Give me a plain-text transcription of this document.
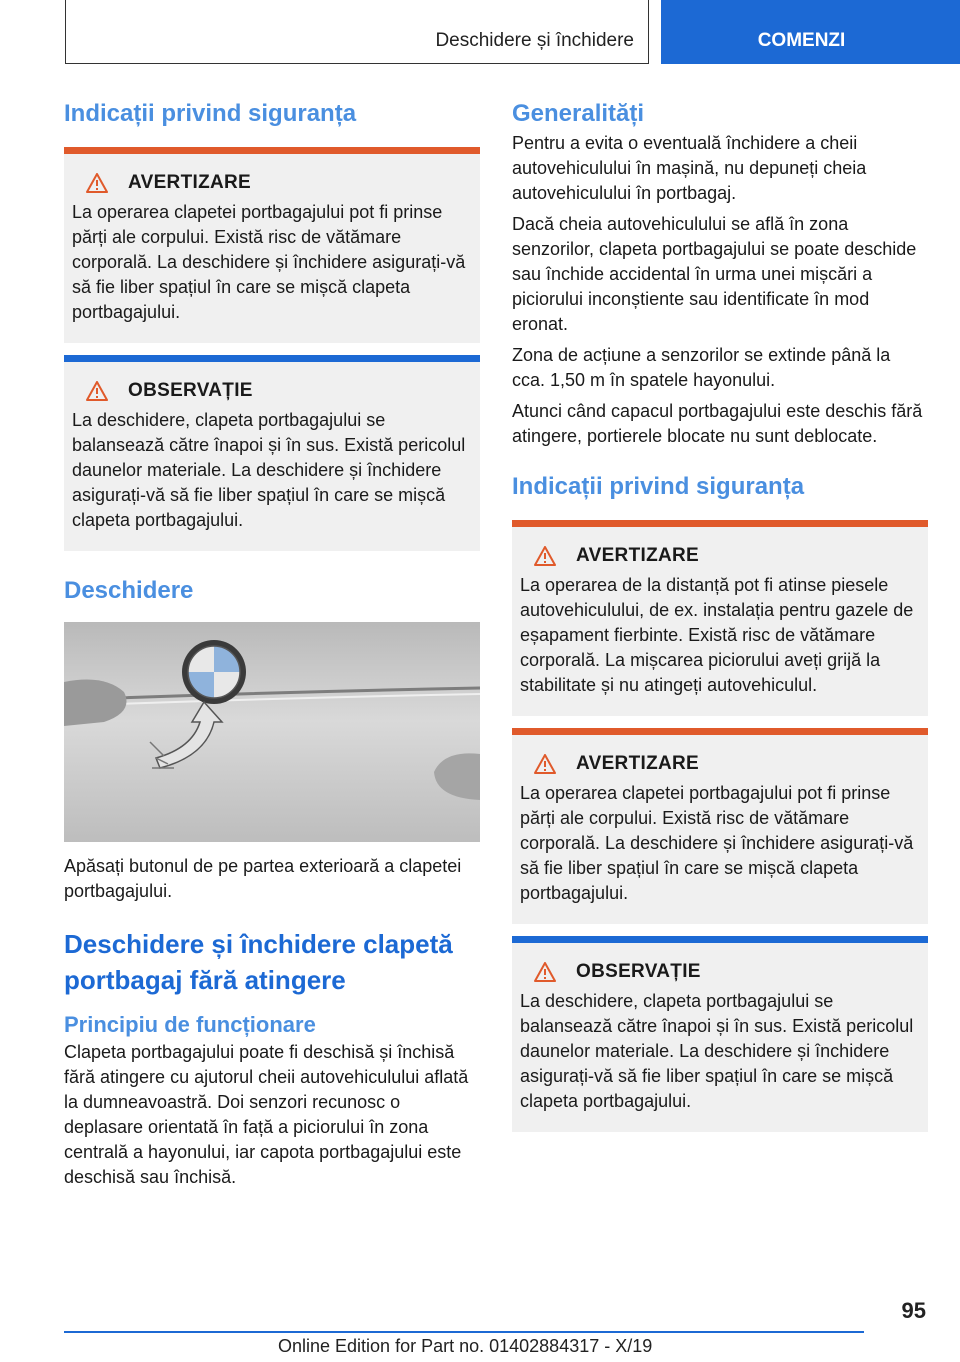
Deschidere și închidere	COMENZI
Indicații privind siguranța
AVERTIZARE

La operarea clapetei portbagajului pot fi prinse părți ale corpului. Există risc de vătămare corporală. La deschidere și închidere asigurați-vă să fie liber spațiul în care se mișcă clapeta portbagajului.

OBSERVAȚIE

La deschidere, clapeta portbagajului se balansează către înapoi și în sus. Există pericolul daunelor materiale. La deschidere și închidere asigurați-vă să fie liber spațiul în care se mișcă clapeta portbagajului.

Deschidere

Apăsați butonul de pe partea exterioară a clapetei portbagajului.

Deschidere și închidere clapetă portbagaj fără atingere
Principiu de funcționare

Clapeta portbagajului poate fi deschisă și închisă fără atingere cu ajutorul cheii autovehiculului aflată la dumneavoastră. Doi senzori recunosc o deplasare orientată în față a piciorului în zona centrală a hayonului, iar capota portbagajului este deschisă sau închisă.

Generalități

Pentru a evita o eventuală închidere a cheii autovehiculului în mașină, nu depuneți cheia autovehiculului în portbagaj.

Dacă cheia autovehiculului se află în zona senzorilor, clapeta portbagajului se poate deschide sau închide accidental în urma unei mișcări a piciorului inconștiente sau identificate în mod eronat.

Zona de acțiune a senzorilor se extinde până la cca. 1,50 m în spatele hayonului.

Atunci când capacul portbagajului este deschis fără atingere, portierele blocate nu sunt deblocate.

Indicații privind siguranța
AVERTIZARE

La operarea de la distanță pot fi atinse piesele autovehiculului, de ex. instalația pentru gazele de eșapament fierbinte. Există risc de vătămare corporală. La mișcarea piciorului aveți grijă la stabilitate și nu atingeți autovehiculul.

AVERTIZARE

La operarea clapetei portbagajului pot fi prinse părți ale corpului. Există risc de vătămare corporală. La deschidere și închidere asigurați-vă să fie liber spațiul în care se mișcă clapeta portbagajului.

OBSERVAȚIE

La deschidere, clapeta portbagajului se balansează către înapoi și în sus. Există pericolul daunelor materiale. La deschidere și închidere asigurați-vă să fie liber spațiul în care se mișcă clapeta portbagajului.

95
Online Edition for Part no. 01402884317 - X/19
